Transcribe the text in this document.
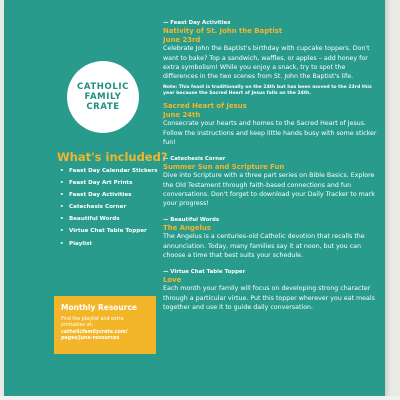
CATHOLIC
FAMILY
CRATE
What's included?
• Feast Day Calendar Stickers
• Feast Day Art Prints
• Feast Day Activities
• Catechesis Corner
• Beautiful Words
• Virtue Chat Table Topper
• Playlist
Monthly Resource
Find the playlist and extra printables at: catholicfamilycrate.com/ pages/june-resources
— Feast Day Activities
Nativity of St. John the Baptist
June 23rd

Celebrate John the Baptist's birthday with cupcake toppers. Don't want to bake? Top a sandwich, waffles, or apples – add honey for extra symbolism! While you enjoy a snack, try to spot the differences in the two scenes from St. John the Baptist's life.

Note: This feast is traditionally on the 24th but has been moved to the 23rd this year because the Sacred Heart of Jesus falls on the 24th.

Sacred Heart of Jesus
June 24th

Consecrate your hearts and homes to the Sacred Heart of Jesus. Follow the instructions and keep little hands busy with some sticker fun!

— Catechesis Corner
Summer Sun and Scripture Fun

Dive into Scripture with a three part series on Bible Basics. Explore the Old Testament through faith-based connections and fun conversations. Don't forget to download your Daily Tracker to mark your progress!

— Beautiful Words
The Angelus

The Angelus is a centuries-old Catholic devotion that recalls the annunciation. Today, many families say it at noon, but you can choose a time that best suits your schedule.

— Virtue Chat Table Topper
Love

Each month your family will focus on developing strong character through a particular virtue. Put this topper wherever you eat meals together and use it to guide daily conversation.
